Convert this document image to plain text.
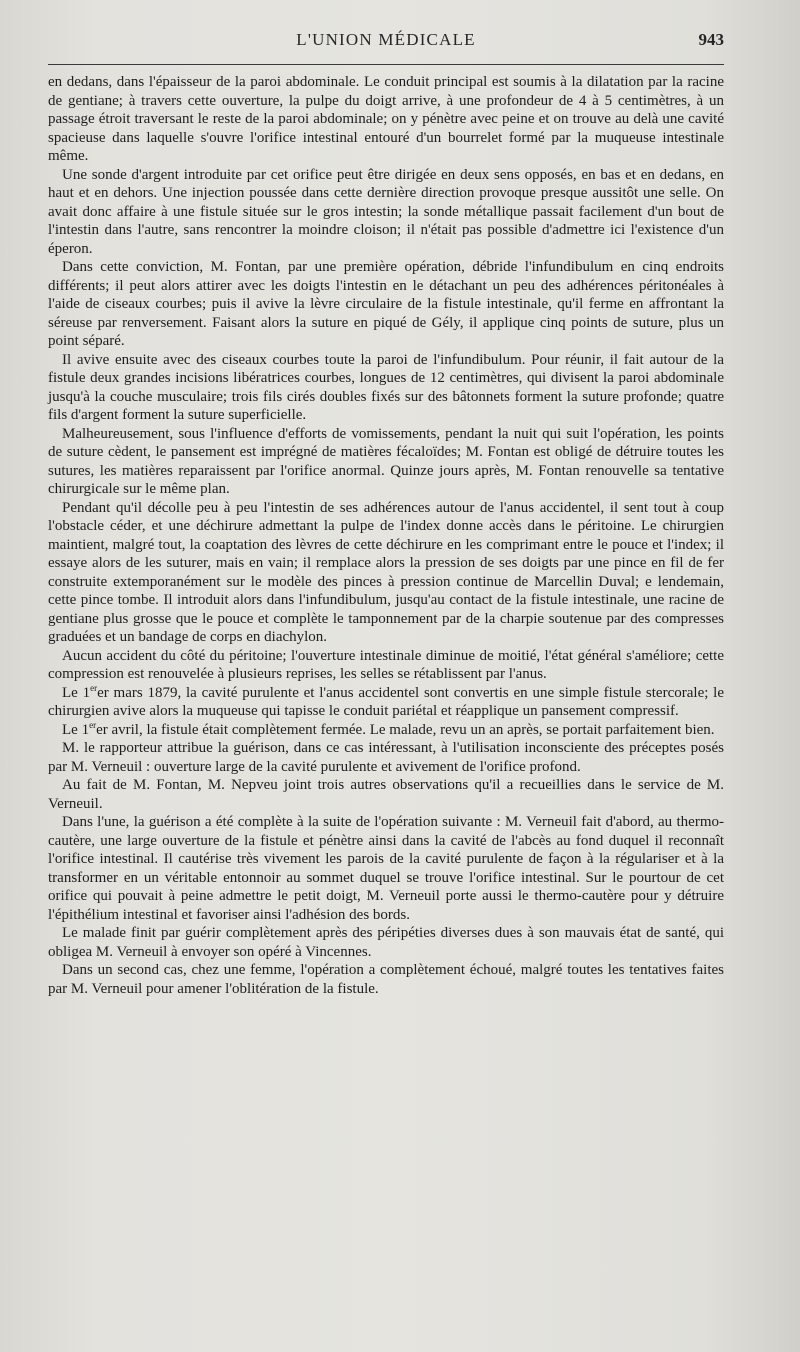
L'UNION MÉDICALE	943

en dedans, dans l'épaisseur de la paroi abdominale. Le conduit principal est soumis à la dilatation par la racine de gentiane; à travers cette ouverture, la pulpe du doigt arrive, à une profondeur de 4 à 5 centimètres, à un passage étroit traversant le reste de la paroi abdominale; on y pénètre avec peine et on trouve au delà une cavité spacieuse dans laquelle s'ouvre l'orifice intestinal entouré d'un bourrelet formé par la muqueuse intestinale même.

Une sonde d'argent introduite par cet orifice peut être dirigée en deux sens opposés, en bas et en dedans, en haut et en dehors. Une injection poussée dans cette dernière direction provoque presque aussitôt une selle. On avait donc affaire à une fistule située sur le gros intestin; la sonde métallique passait facilement d'un bout de l'intestin dans l'autre, sans rencontrer la moindre cloison; il n'était pas possible d'admettre ici l'existence d'un éperon.

Dans cette conviction, M. Fontan, par une première opération, débride l'infundibulum en cinq endroits différents; il peut alors attirer avec les doigts l'intestin en le détachant un peu des adhérences péritonéales à l'aide de ciseaux courbes; puis il avive la lèvre circulaire de la fistule intestinale, qu'il ferme en affrontant la séreuse par renversement. Faisant alors la suture en piqué de Gély, il applique cinq points de suture, plus un point séparé.

Il avive ensuite avec des ciseaux courbes toute la paroi de l'infundibulum. Pour réunir, il fait autour de la fistule deux grandes incisions libératrices courbes, longues de 12 centimètres, qui divisent la paroi abdominale jusqu'à la couche musculaire; trois fils cirés doubles fixés sur des bâtonnets forment la suture profonde; quatre fils d'argent forment la suture superficielle.

Malheureusement, sous l'influence d'efforts de vomissements, pendant la nuit qui suit l'opération, les points de suture cèdent, le pansement est imprégné de matières fécaloïdes; M. Fontan est obligé de détruire toutes les sutures, les matières reparaissent par l'orifice anormal. Quinze jours après, M. Fontan renouvelle sa tentative chirurgicale sur le même plan.

Pendant qu'il décolle peu à peu l'intestin de ses adhérences autour de l'anus accidentel, il sent tout à coup l'obstacle céder, et une déchirure admettant la pulpe de l'index donne accès dans le péritoine. Le chirurgien maintient, malgré tout, la coaptation des lèvres de cette déchirure en les comprimant entre le pouce et l'index; il essaye alors de les suturer, mais en vain; il remplace alors la pression de ses doigts par une pince en fil de fer construite extemporanément sur le modèle des pinces à pression continue de Marcellin Duval; e lendemain, cette pince tombe. Il introduit alors dans l'infundibulum, jusqu'au contact de la fistule intestinale, une racine de gentiane plus grosse que le pouce et complète le tamponnement par de la charpie soutenue par des compresses graduées et un bandage de corps en diachylon.

Aucun accident du côté du péritoine; l'ouverture intestinale diminue de moitié, l'état général s'améliore; cette compression est renouvelée à plusieurs reprises, les selles se rétablissent par l'anus.

Le 1erer mars 1879, la cavité purulente et l'anus accidentel sont convertis en une simple fistule stercorale; le chirurgien avive alors la muqueuse qui tapisse le conduit pariétal et réapplique un pansement compressif.

Le 1erer avril, la fistule était complètement fermée. Le malade, revu un an après, se portait parfaitement bien.

M. le rapporteur attribue la guérison, dans ce cas intéressant, à l'utilisation inconsciente des préceptes posés par M. Verneuil : ouverture large de la cavité purulente et avivement de l'orifice profond.

Au fait de M. Fontan, M. Nepveu joint trois autres observations qu'il a recueillies dans le service de M. Verneuil.

Dans l'une, la guérison a été complète à la suite de l'opération suivante : M. Verneuil fait d'abord, au thermo-cautère, une large ouverture de la fistule et pénètre ainsi dans la cavité de l'abcès au fond duquel il reconnaît l'orifice intestinal. Il cautérise très vivement les parois de la cavité purulente de façon à la régulariser et à la transformer en un véritable entonnoir au sommet duquel se trouve l'orifice intestinal. Sur le pourtour de cet orifice qui pouvait à peine admettre le petit doigt, M. Verneuil porte aussi le thermo-cautère pour y détruire l'épithélium intestinal et favoriser ainsi l'adhésion des bords.

Le malade finit par guérir complètement après des péripéties diverses dues à son mauvais état de santé, qui obligea M. Verneuil à envoyer son opéré à Vincennes.

Dans un second cas, chez une femme, l'opération a complètement échoué, malgré toutes les tentatives faites par M. Verneuil pour amener l'oblitération de la fistule.
